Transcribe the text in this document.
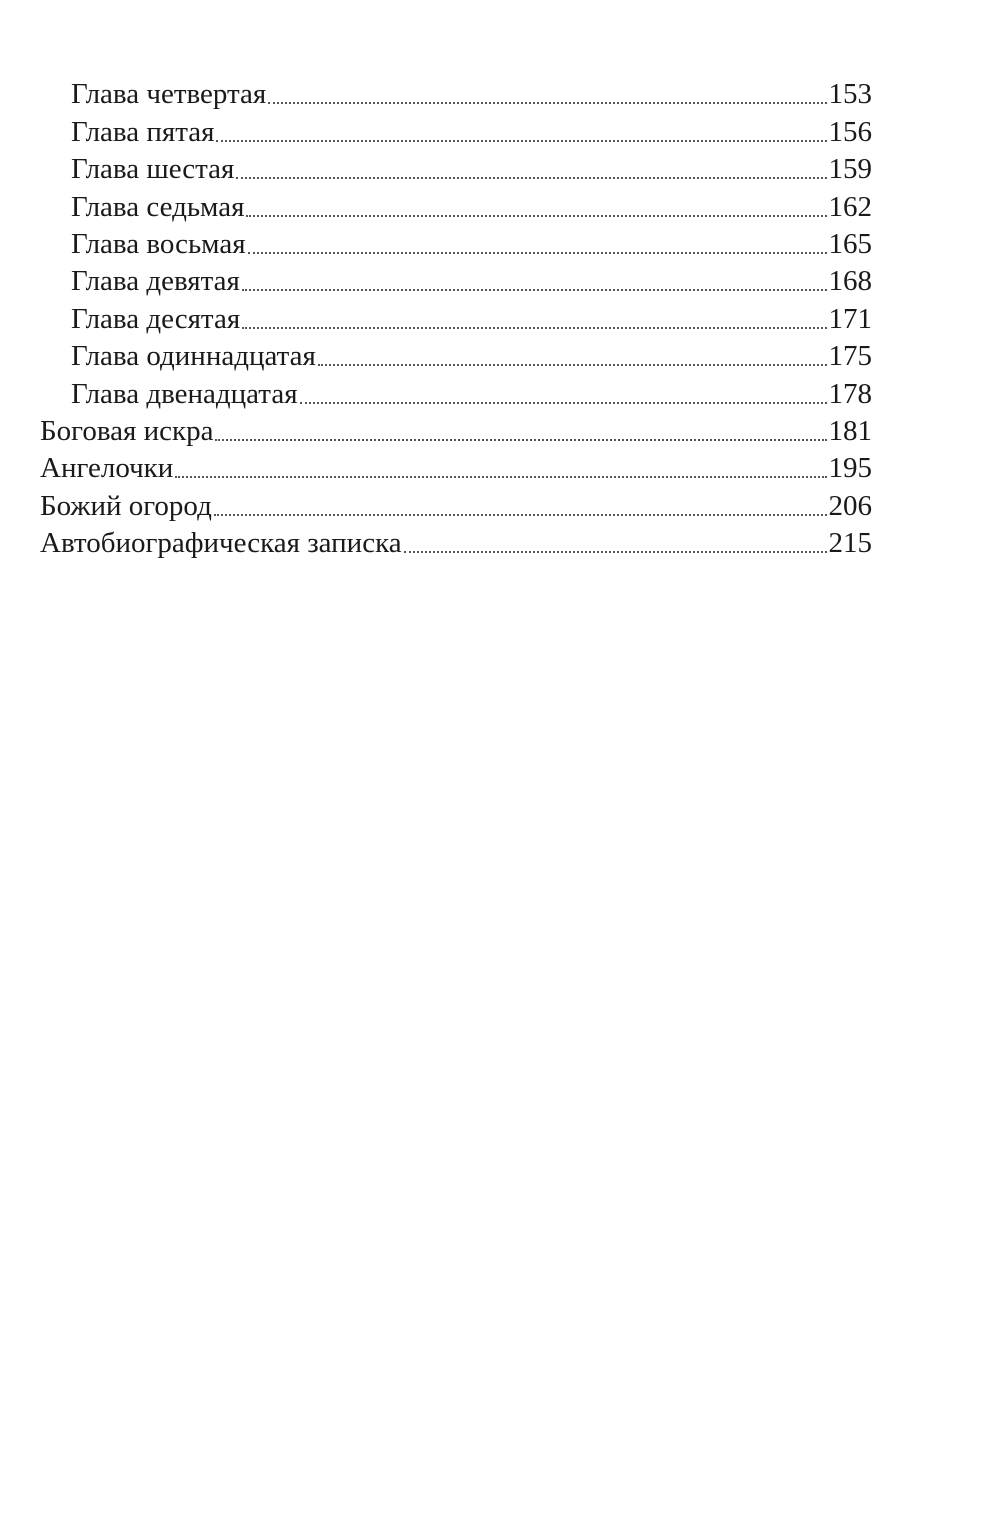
Глава четвертая	153
Глава пятая	156
Глава шестая	159
Глава седьмая	162
Глава восьмая	165
Глава девятая	168
Глава десятая	171
Глава одиннадцатая	175
Глава двенадцатая	178
Боговая искра	181
Ангелочки	195
Божий огород	206
Автобиографическая записка	215
